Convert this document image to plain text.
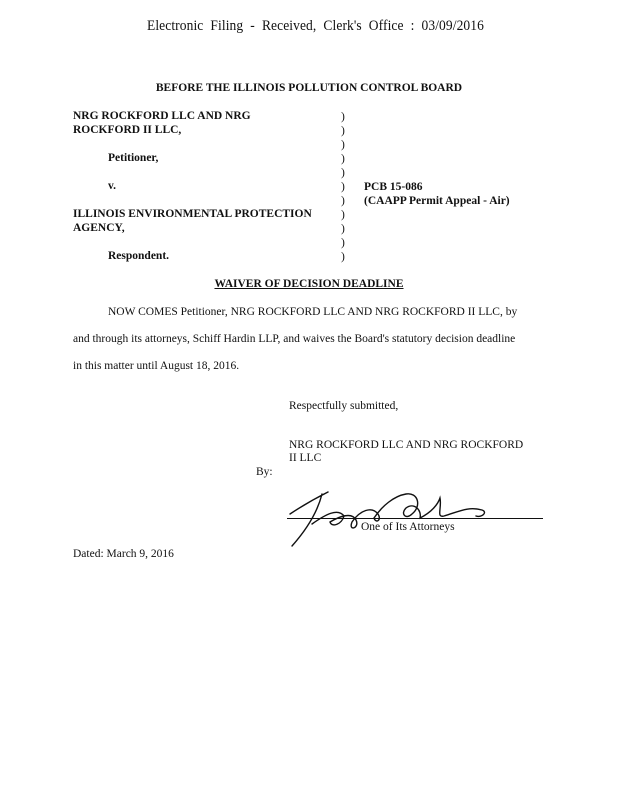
Electronic Filing - Received, Clerk's Office : 03/09/2016
BEFORE THE ILLINOIS POLLUTION CONTROL BOARD
NRG ROCKFORD LLC AND NRG
ROCKFORD II LLC,
Petitioner,
v.
ILLINOIS ENVIRONMENTAL PROTECTION
AGENCY,
Respondent.
)
)
)
)
)
)
)
)
)
)
)
PCB 15-086
(CAAPP Permit Appeal - Air)
WAIVER OF DECISION DEADLINE
NOW COMES Petitioner, NRG ROCKFORD LLC AND NRG ROCKFORD II LLC, by
and through its attorneys, Schiff Hardin LLP, and waives the Board's statutory decision deadline
in this matter until August 18, 2016.
Respectfully submitted,
NRG ROCKFORD LLC AND NRG ROCKFORD
II LLC
By:
One of Its Attorneys
Dated: March 9, 2016
